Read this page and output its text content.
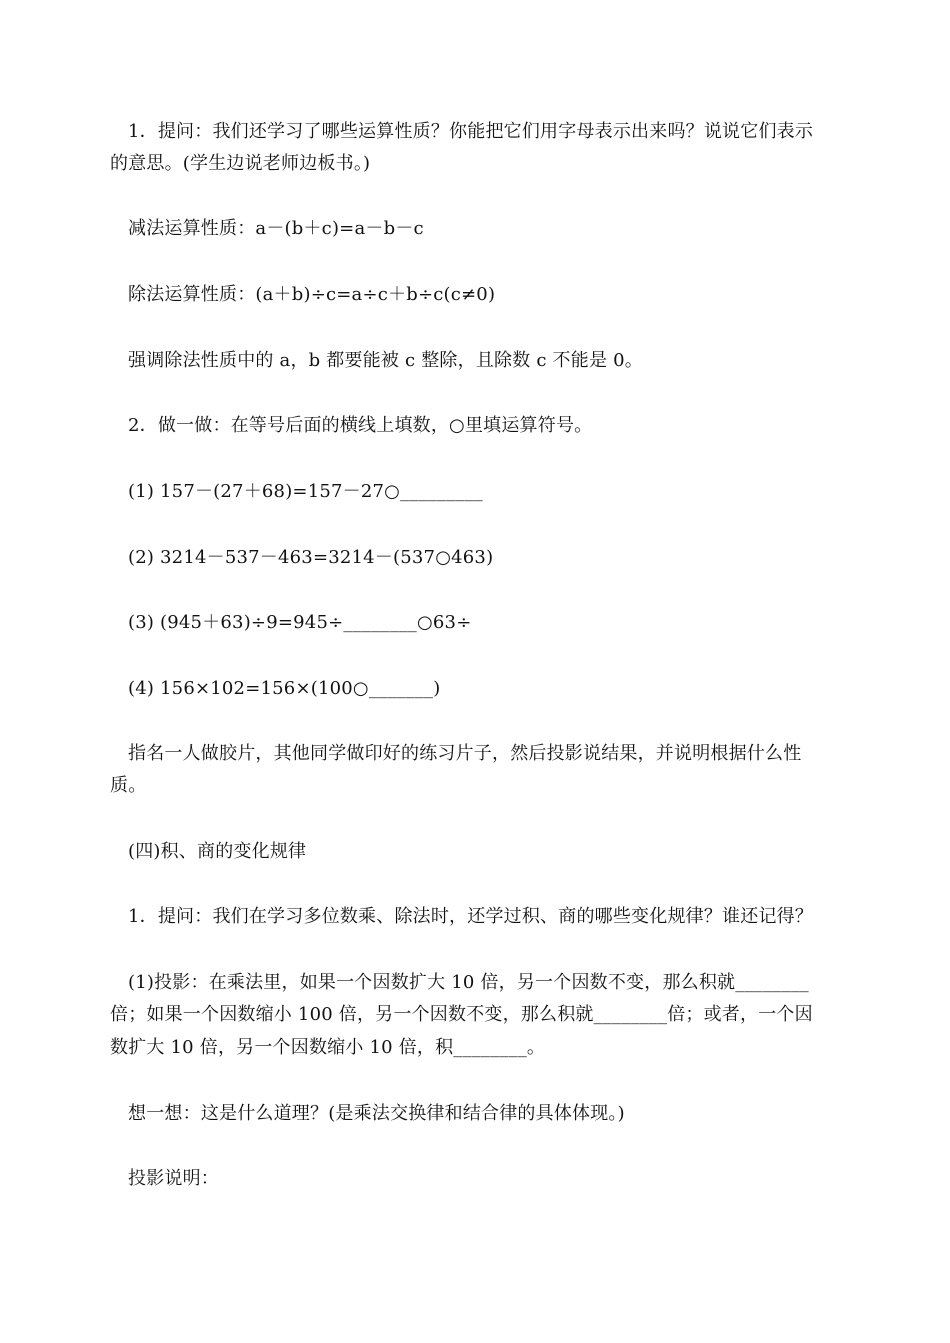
1．提问：我们还学习了哪些运算性质？你能把它们用字母表示出来吗？说说它们表示
的意思。(学生边说老师边板书。)
减法运算性质：a－(b＋c)=a－b－c
除法运算性质：(a＋b)÷c=a÷c＋b÷c(c≠0)
强调除法性质中的 a，b 都要能被 c 整除，且除数 c 不能是 0。
2．做一做：在等号后面的横线上填数，○里填运算符号。
(1) 157－(27＋68)=157－27○_________
(2) 3214－537－463=3214－(537○463)
(3) (945＋63)÷9=945÷________○63÷
(4) 156×102=156×(100○_______)
指名一人做胶片，其他同学做印好的练习片子，然后投影说结果，并说明根据什么性
质。
(四)积、商的变化规律
1．提问：我们在学习多位数乘、除法时，还学过积、商的哪些变化规律？谁还记得？
(1)投影：在乘法里，如果一个因数扩大 10 倍，另一个因数不变，那么积就________
倍；如果一个因数缩小 100 倍，另一个因数不变，那么积就________倍；或者，一个因
数扩大 10 倍，另一个因数缩小 10 倍，积________。
想一想：这是什么道理？(是乘法交换律和结合律的具体体现。)
投影说明：
